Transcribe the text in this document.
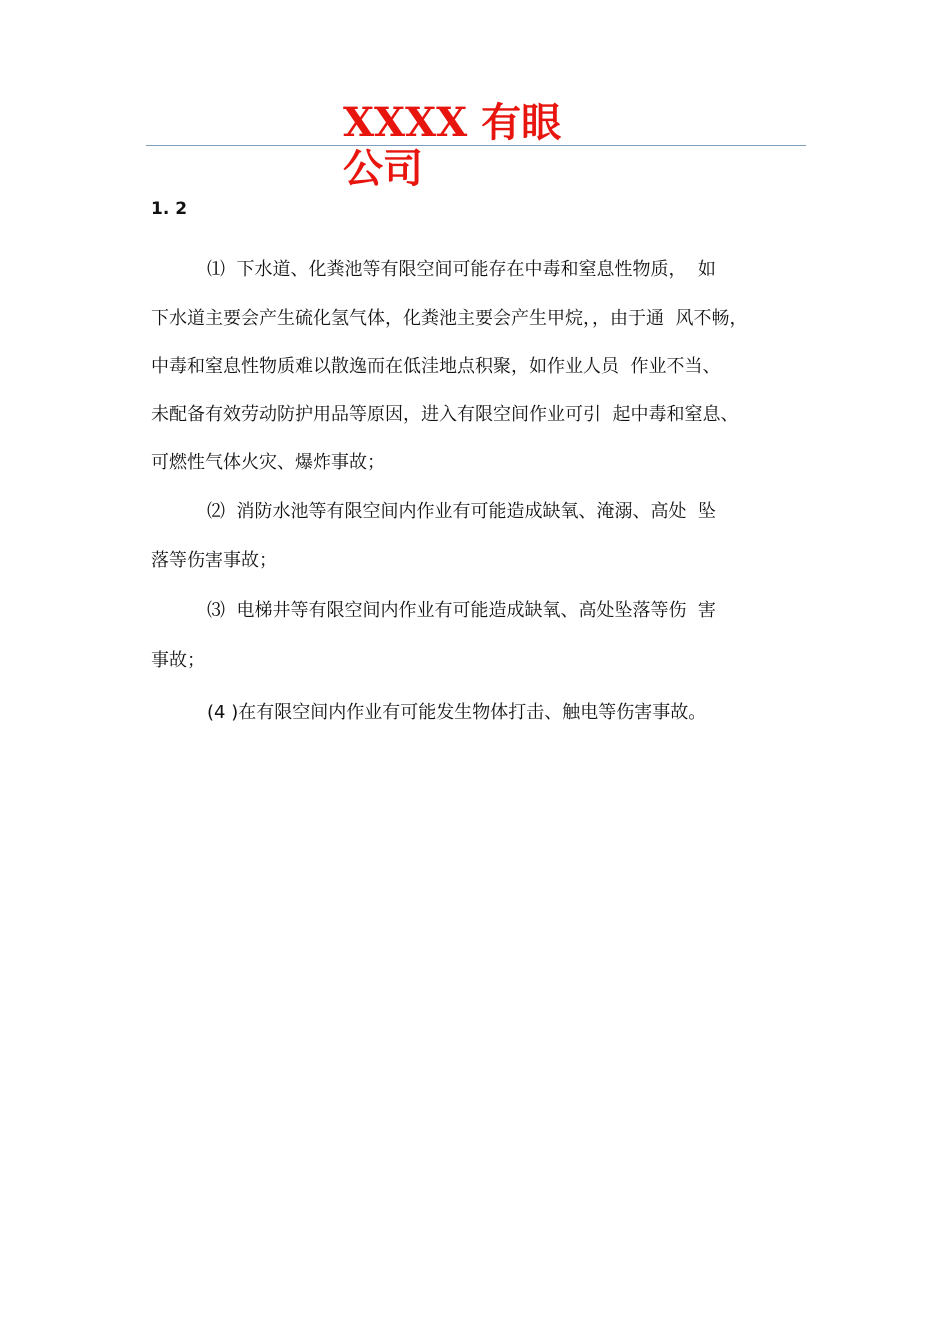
XXXX 有眼公司
1. 2
⑴  下水道、化粪池等有限空间可能存在中毒和窒息性物质，  如
下水道主要会产生硫化氢气体，化粪池主要会产生甲烷，，由于通  风不畅，
中毒和窒息性物质难以散逸而在低洼地点积聚，如作业人员  作业不当、
未配备有效劳动防护用品等原因，进入有限空间作业可引  起中毒和窒息、
可燃性气体火灾、爆炸事故；
⑵  消防水池等有限空间内作业有可能造成缺氧、淹溺、高处  坠
落等伤害事故；
⑶  电梯井等有限空间内作业有可能造成缺氧、高处坠落等伤  害
事故；
(4 )在有限空间内作业有可能发生物体打击、触电等伤害事故。
